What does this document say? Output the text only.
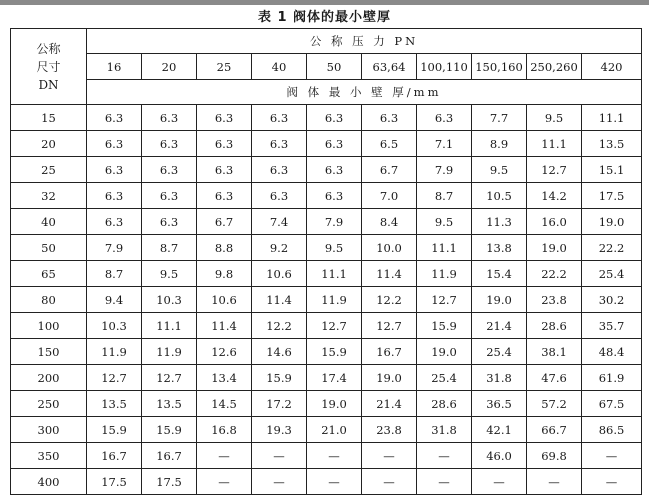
表 1 阀体的最小壁厚
公称
尺寸
DN	公 称 压 力 PN									
	16	20	25	40	50	63,64	100,110	150,160	250,260	420
	阀 体 最 小 壁 厚/mm									
15	6.3	6.3	6.3	6.3	6.3	6.3	6.3	7.7	9.5	11.1
20	6.3	6.3	6.3	6.3	6.3	6.5	7.1	8.9	11.1	13.5
25	6.3	6.3	6.3	6.3	6.3	6.7	7.9	9.5	12.7	15.1
32	6.3	6.3	6.3	6.3	6.3	7.0	8.7	10.5	14.2	17.5
40	6.3	6.3	6.7	7.4	7.9	8.4	9.5	11.3	16.0	19.0
50	7.9	8.7	8.8	9.2	9.5	10.0	11.1	13.8	19.0	22.2
65	8.7	9.5	9.8	10.6	11.1	11.4	11.9	15.4	22.2	25.4
80	9.4	10.3	10.6	11.4	11.9	12.2	12.7	19.0	23.8	30.2
100	10.3	11.1	11.4	12.2	12.7	12.7	15.9	21.4	28.6	35.7
150	11.9	11.9	12.6	14.6	15.9	16.7	19.0	25.4	38.1	48.4
200	12.7	12.7	13.4	15.9	17.4	19.0	25.4	31.8	47.6	61.9
250	13.5	13.5	14.5	17.2	19.0	21.4	28.6	36.5	57.2	67.5
300	15.9	15.9	16.8	19.3	21.0	23.8	31.8	42.1	66.7	86.5
350	16.7	16.7	—	—	—	—	—	46.0	69.8	—
400	17.5	17.5	—	—	—	—	—	—	—	—
